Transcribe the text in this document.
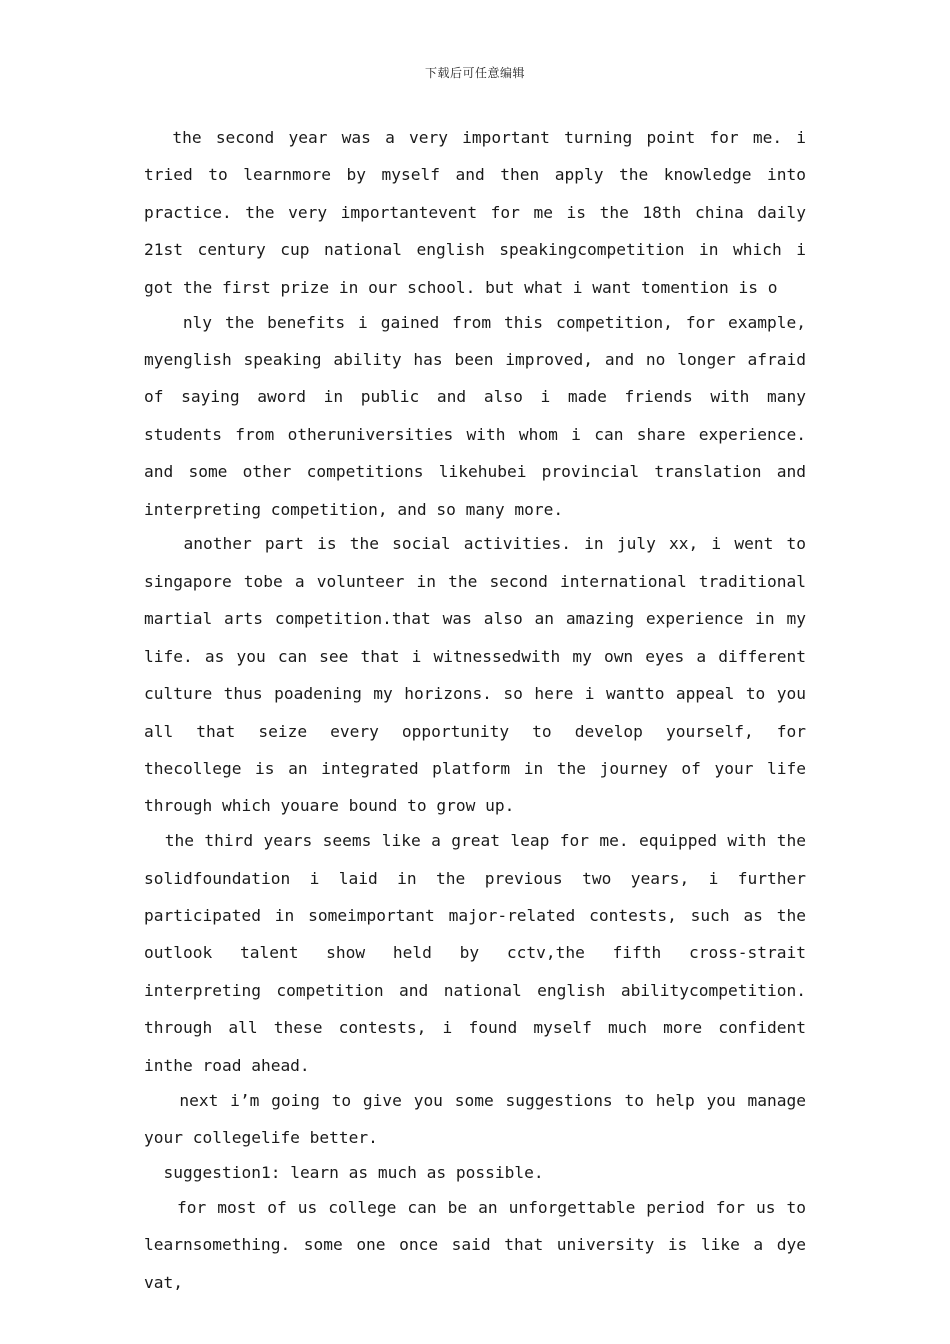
下载后可任意编辑

the second year was a very important turning point for me. i tried to learnmore by myself and then apply the knowledge into practice. the very importantevent for me is the 18th china daily 21st century cup national english speakingcompetition in which i got the first prize in our school. but what i want tomention is o

nly the benefits i gained from this competition, for example, myenglish speaking ability has been improved, and no longer afraid of saying aword in public and also i made friends with many students from otheruniversities with whom i can share experience. and some other competitions likehubei provincial translation and interpreting competition, and so many more.

another part is the social activities. in july xx, i went to singapore tobe a volunteer in the second international traditional martial arts competition.that was also an amazing experience in my life. as you can see that i witnessedwith my own eyes a different culture thus poadening my horizons. so here i wantto appeal to you all that seize every opportunity to develop yourself, for thecollege is an integrated platform in the journey of your life through which youare bound to grow up.

the third years seems like a great leap for me. equipped with the solidfoundation i laid in the previous two years, i further participated in someimportant major-related contests, such as the outlook talent show held by cctv,the fifth cross-strait interpreting competition and national english abilitycompetition. through all these contests, i found myself much more confident inthe road ahead.

next i’m going to give you some suggestions to help you manage your collegelife better.

suggestion1: learn as much as possible.

for most of us college can be an unforgettable period for us to learnsomething. some one once said that university is like a dye vat,
